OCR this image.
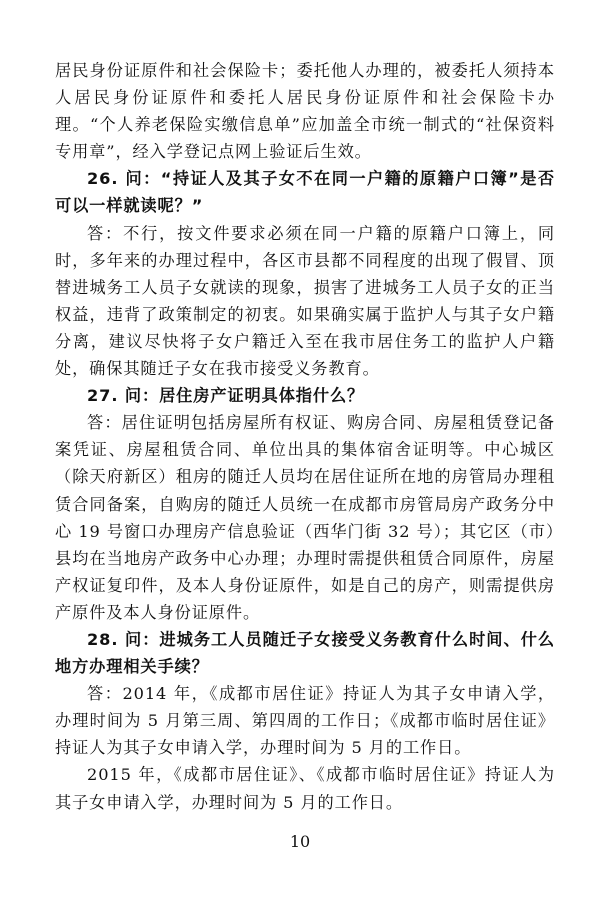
居民身份证原件和社会保险卡；委托他人办理的，被委托人须持本人居民身份证原件和委托人居民身份证原件和社会保险卡办理。“个人养老保险实缴信息单”应加盖全市统一制式的“社保资料专用章”，经入学登记点网上验证后生效。

26. 问：“持证人及其子女不在同一户籍的原籍户口簿”是否可以一样就读呢？”

答：不行，按文件要求必须在同一户籍的原籍户口簿上，同时，多年来的办理过程中，各区市县都不同程度的出现了假冒、顶替进城务工人员子女就读的现象，损害了进城务工人员子女的正当权益，违背了政策制定的初衷。如果确实属于监护人与其子女户籍分离，建议尽快将子女户籍迁入至在我市居住务工的监护人户籍处，确保其随迁子女在我市接受义务教育。

27. 问：居住房产证明具体指什么？

答：居住证明包括房屋所有权证、购房合同、房屋租赁登记备案凭证、房屋租赁合同、单位出具的集体宿舍证明等。中心城区（除天府新区）租房的随迁人员均在居住证所在地的房管局办理租赁合同备案，自购房的随迁人员统一在成都市房管局房产政务分中心 19 号窗口办理房产信息验证（西华门街 32 号）；其它区（市）县均在当地房产政务中心办理；办理时需提供租赁合同原件，房屋产权证复印件，及本人身份证原件，如是自己的房产，则需提供房产原件及本人身份证原件。

28. 问：进城务工人员随迁子女接受义务教育什么时间、什么地方办理相关手续？

答：2014 年，《成都市居住证》持证人为其子女申请入学，办理时间为 5 月第三周、第四周的工作日；《成都市临时居住证》持证人为其子女申请入学，办理时间为 5 月的工作日。

2015 年，《成都市居住证》、《成都市临时居住证》持证人为其子女申请入学，办理时间为 5 月的工作日。

10
